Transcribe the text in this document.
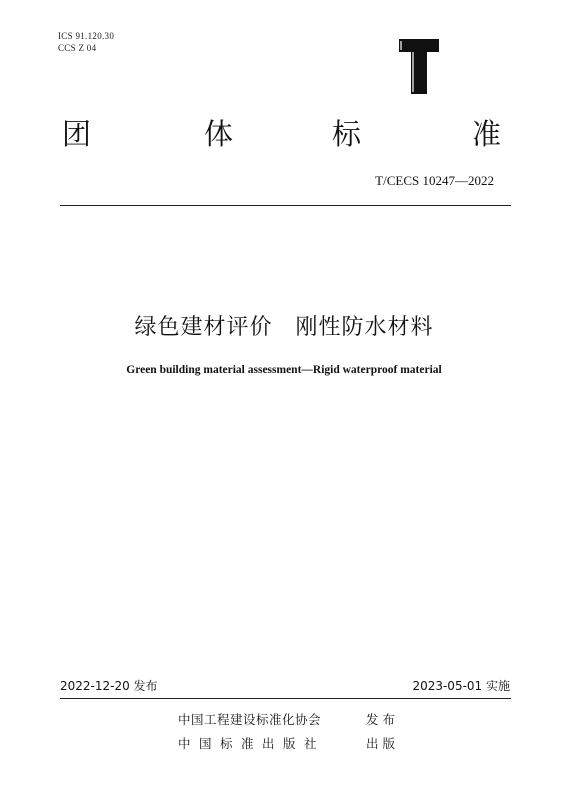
ICS 91.120.30
CCS Z 04
团	体	标	准
T/CECS 10247—2022
绿色建材评价　刚性防水材料
Green building material assessment—Rigid waterproof material
2022-12-20 发布	2023-05-01 实施
中国工程建设标准化协会	发布
中国标准出版社	出版
